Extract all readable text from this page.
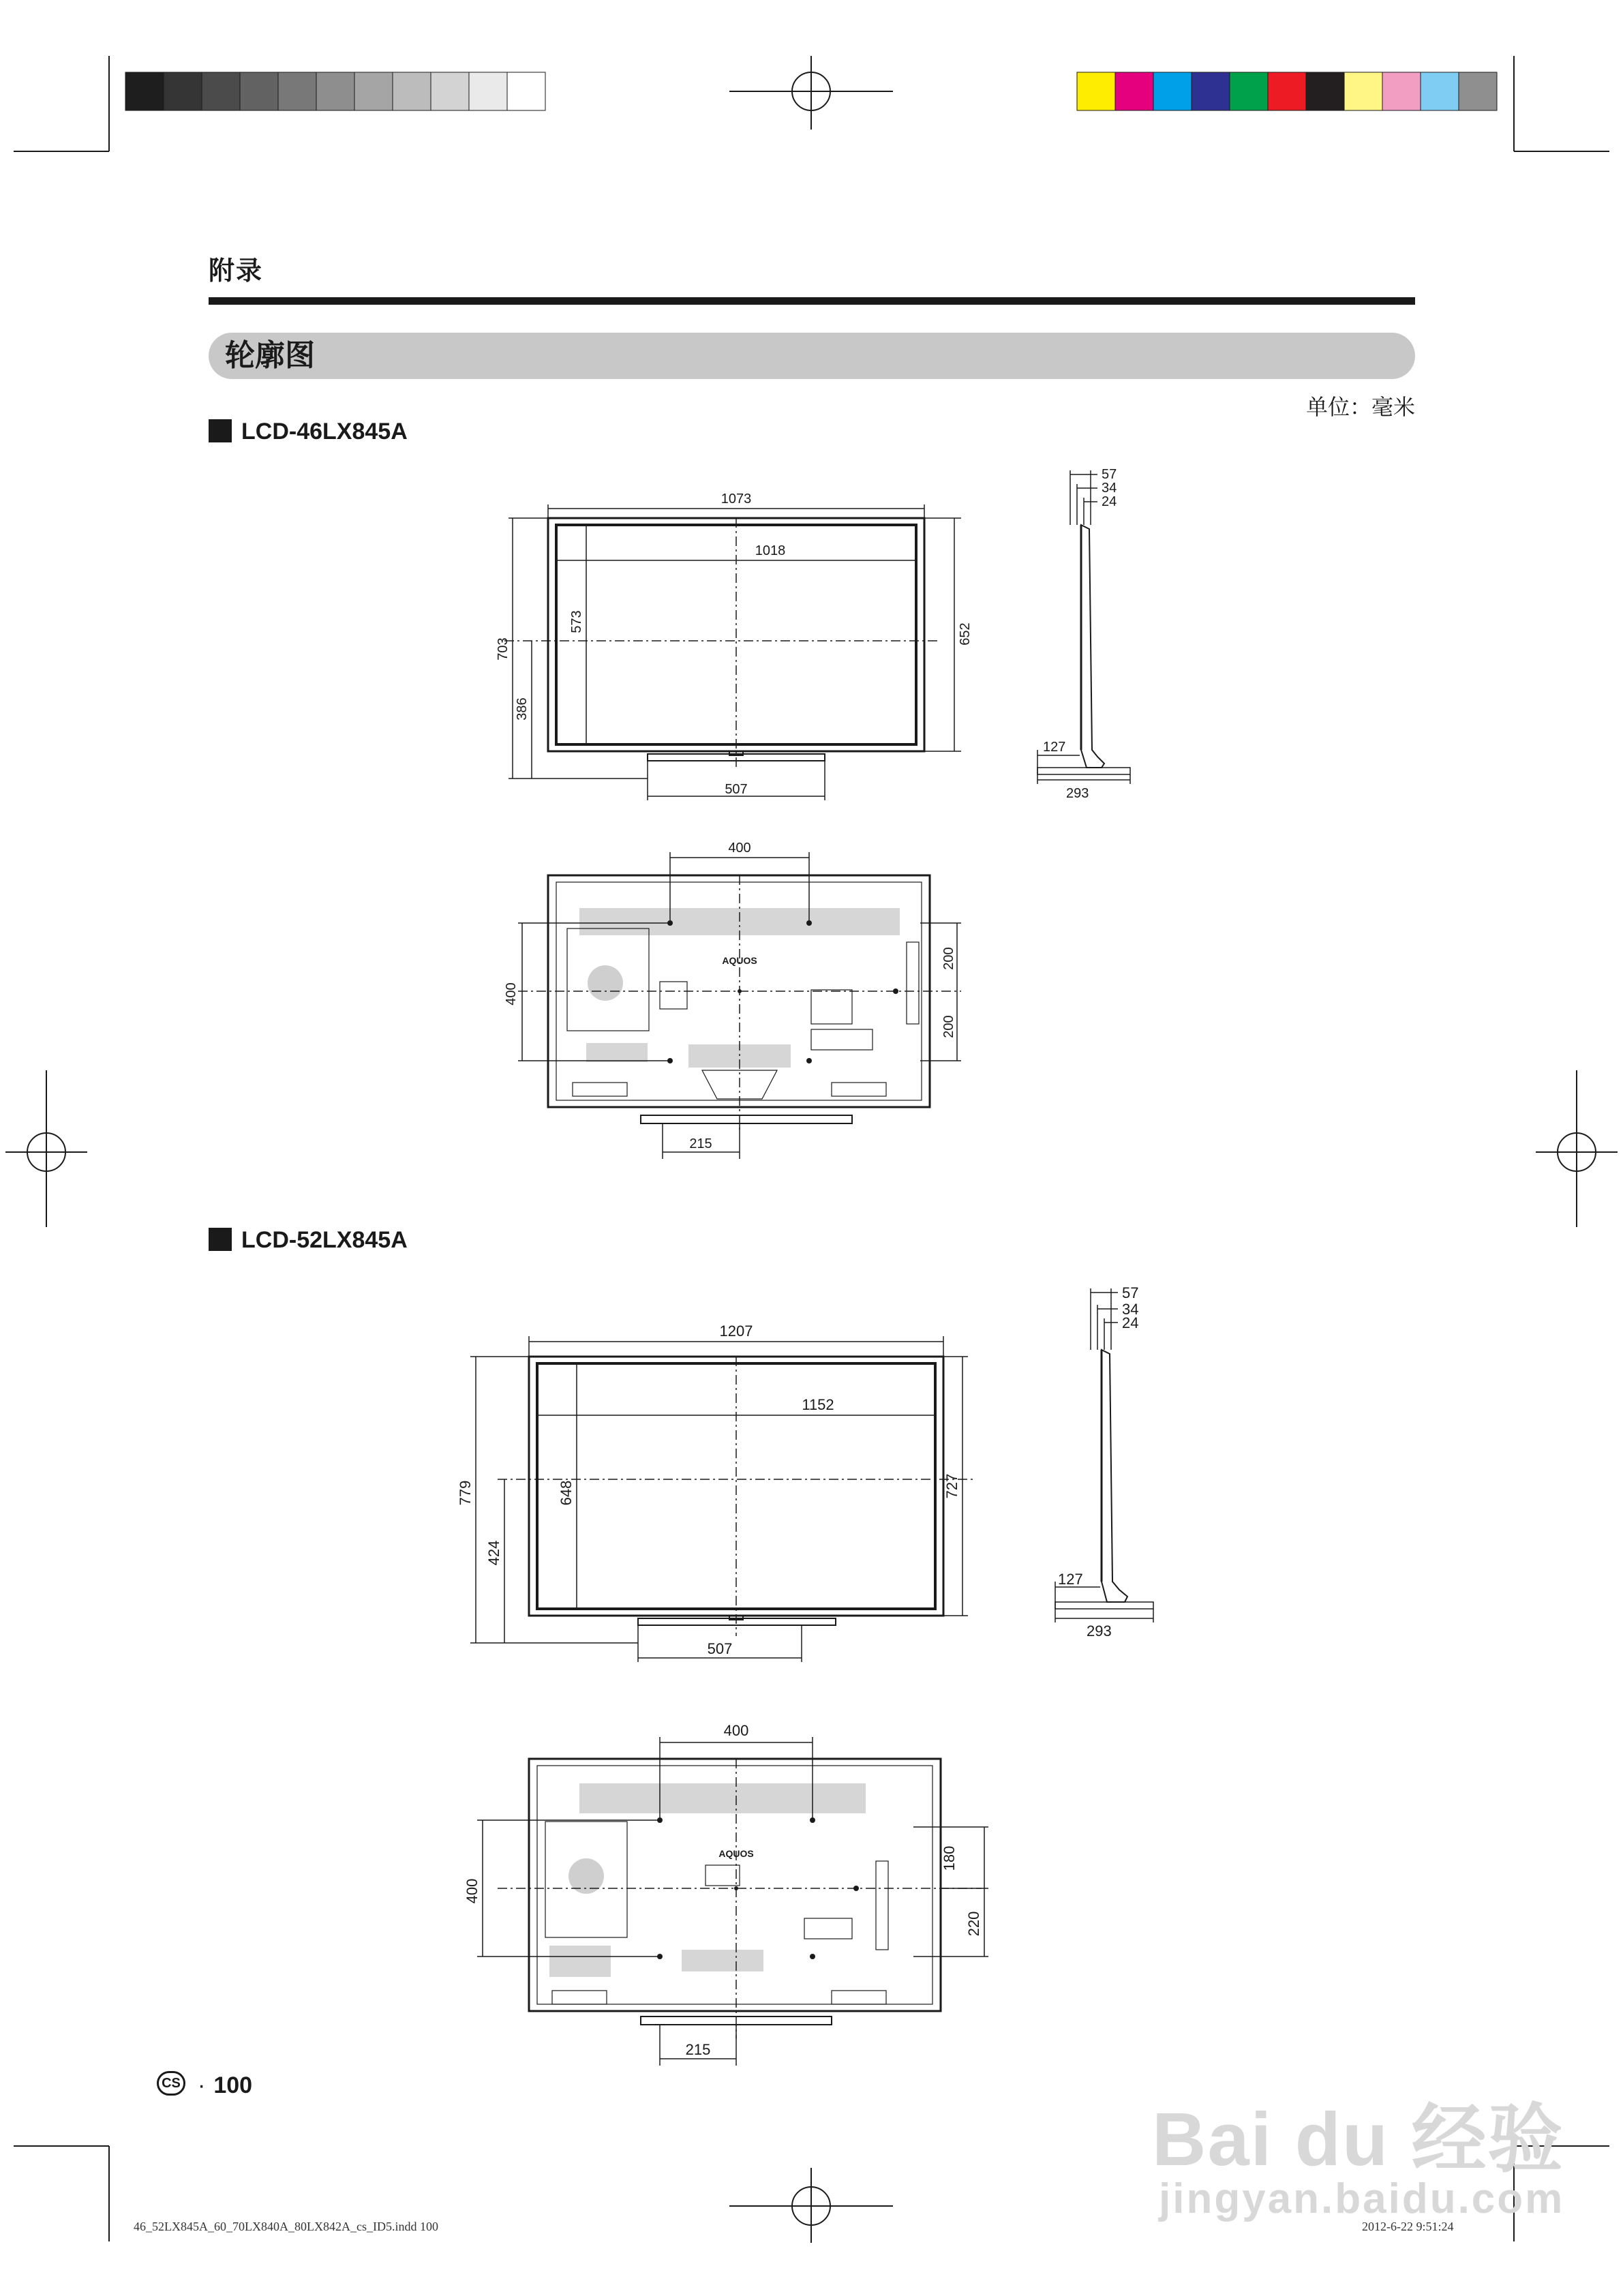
附录
轮廓图
单位：毫米
LCD-46LX845A
1073
1018
507
703
386
573
652
57
34
24
127
293
400
400
200
200
215
AQUOS
LCD-52LX845A
1207
1152
507
779
424
648	727
57
34
24
127
293
400
400
180
220
215
AQUOS
CS · 100
46_52LX845A_60_70LX840A_80LX842A_cs_ID5.indd 100	2012-6-22 9:51:24
Bai du 经验
jingyan.baidu.com
